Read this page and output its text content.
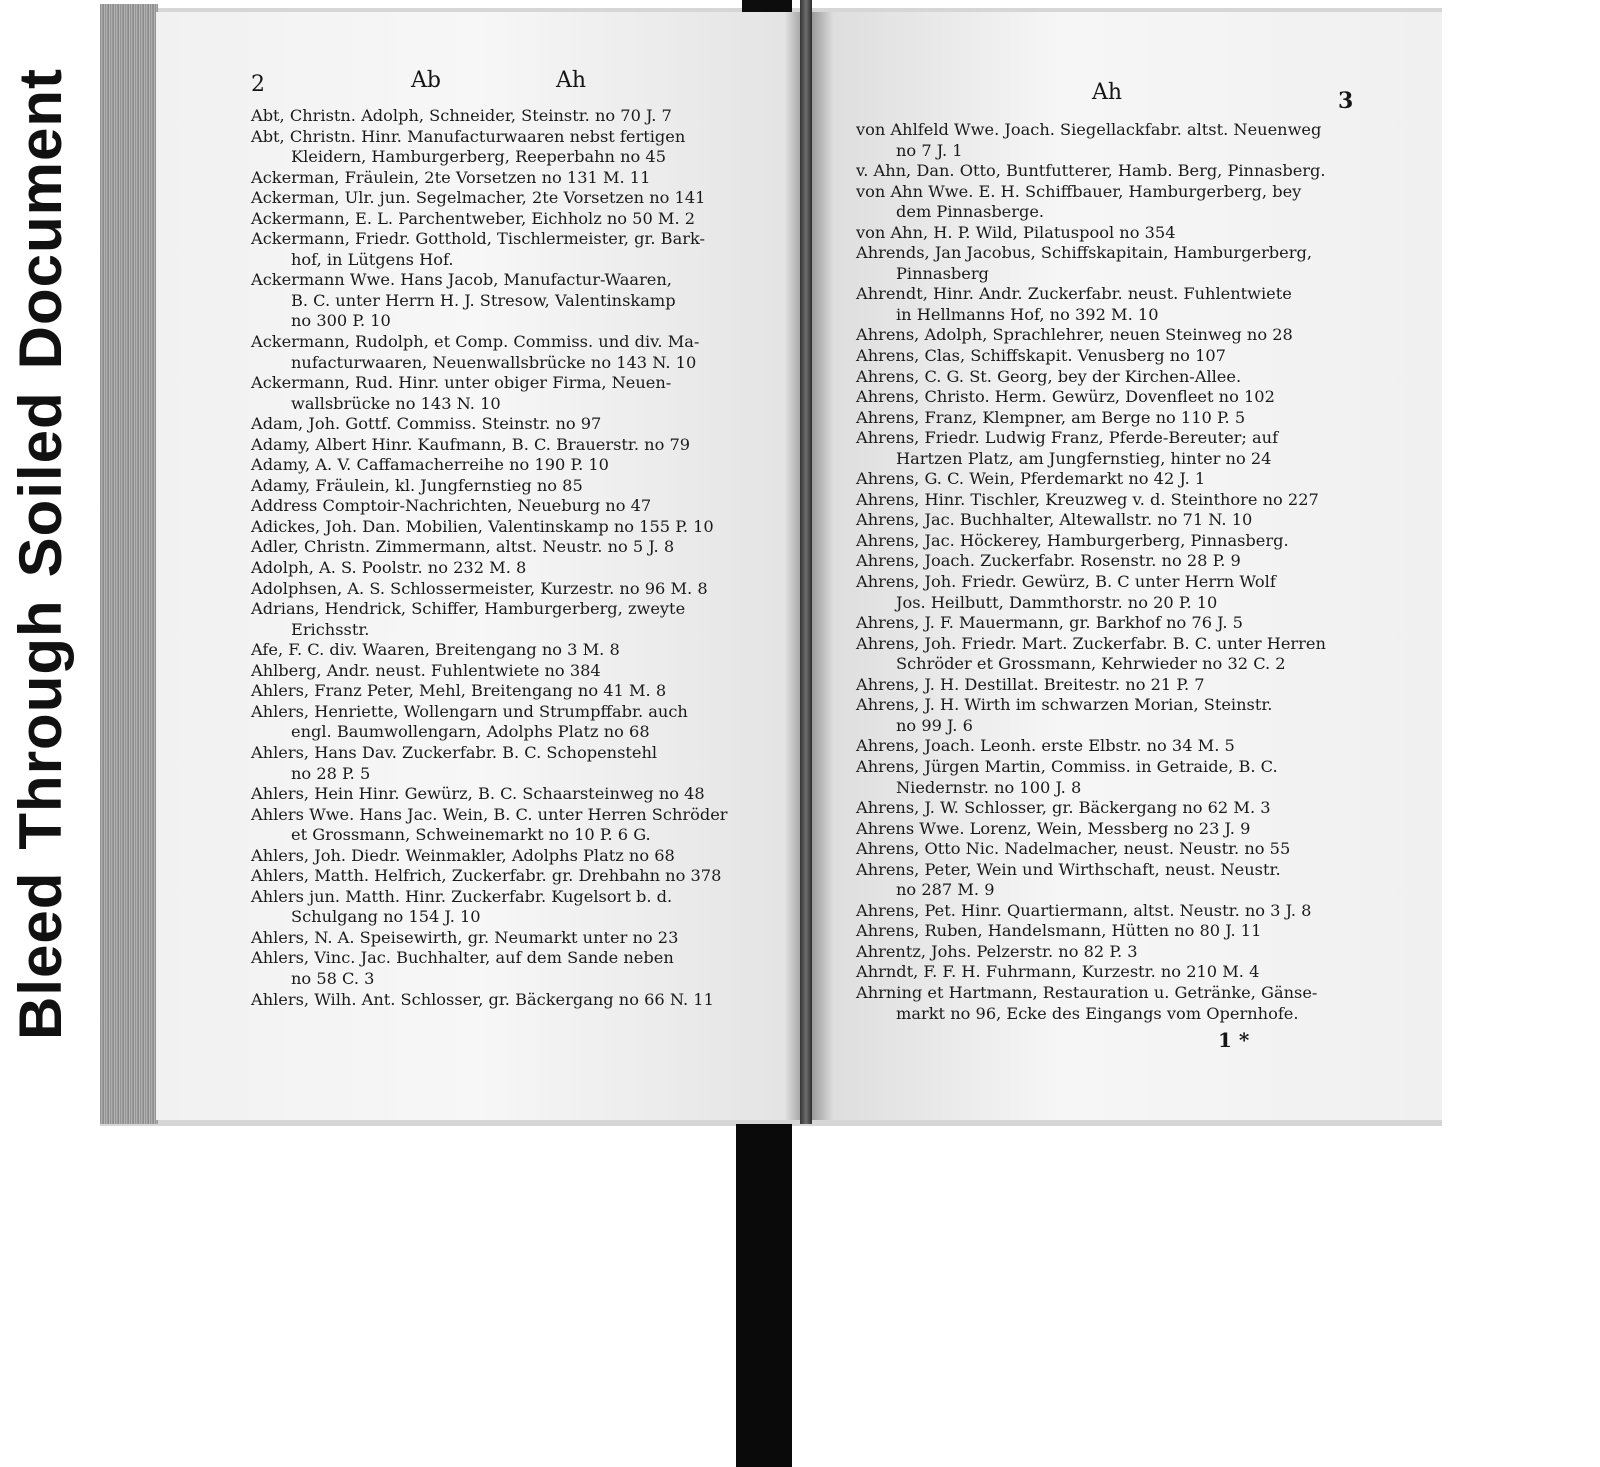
BleedThroughSoiledDocument	2	Ab	Ah
Abt, Christn. Adolph, Schneider, Steinstr. no 70 J. 7
Abt, Christn. Hinr. Manufacturwaaren nebst fertigen
Kleidern, Hamburgerberg, Reeperbahn no 45
Ackerman, Fräulein, 2te Vorsetzen no 131 M. 11
Ackerman, Ulr. jun. Segelmacher, 2te Vorsetzen no 141
Ackermann, E. L. Parchentweber, Eichholz no 50 M. 2
Ackermann, Friedr. Gotthold, Tischlermeister, gr. Bark-
hof, in Lütgens Hof.
Ackermann Wwe. Hans Jacob, Manufactur-Waaren,
B. C. unter Herrn H. J. Stresow, Valentinskamp
no 300 P. 10
Ackermann, Rudolph, et Comp. Commiss. und div. Ma-
nufacturwaaren, Neuenwallsbrücke no 143 N. 10
Ackermann, Rud. Hinr. unter obiger Firma, Neuen-
wallsbrücke no 143 N. 10
Adam, Joh. Gottf. Commiss. Steinstr. no 97
Adamy, Albert Hinr. Kaufmann, B. C. Brauerstr. no 79
Adamy, A. V. Caffamacherreihe no 190 P. 10
Adamy, Fräulein, kl. Jungfernstieg no 85
Address Comptoir-Nachrichten, Neueburg no 47
Adickes, Joh. Dan. Mobilien, Valentinskamp no 155 P. 10
Adler, Christn. Zimmermann, altst. Neustr. no 5 J. 8
Adolph, A. S. Poolstr. no 232 M. 8
Adolphsen, A. S. Schlossermeister, Kurzestr. no 96 M. 8
Adrians, Hendrick, Schiffer, Hamburgerberg, zweyte
Erichsstr.
Afe, F. C. div. Waaren, Breitengang no 3 M. 8
Ahlberg, Andr. neust. Fuhlentwiete no 384
Ahlers, Franz Peter, Mehl, Breitengang no 41 M. 8
Ahlers, Henriette, Wollengarn und Strumpffabr. auch
engl. Baumwollengarn, Adolphs Platz no 68
Ahlers, Hans Dav. Zuckerfabr. B. C. Schopenstehl
no 28 P. 5
Ahlers, Hein Hinr. Gewürz, B. C. Schaarsteinweg no 48
Ahlers Wwe. Hans Jac. Wein, B. C. unter Herren Schröder
et Grossmann, Schweinemarkt no 10 P. 6 G.
Ahlers, Joh. Diedr. Weinmakler, Adolphs Platz no 68
Ahlers, Matth. Helfrich, Zuckerfabr. gr. Drehbahn no 378
Ahlers jun. Matth. Hinr. Zuckerfabr. Kugelsort b. d.
Schulgang no 154 J. 10
Ahlers, N. A. Speisewirth, gr. Neumarkt unter no 23
Ahlers, Vinc. Jac. Buchhalter, auf dem Sande neben
no 58 C. 3
Ahlers, Wilh. Ant. Schlosser, gr. Bäckergang no 66 N. 11
Ah	3
von Ahlfeld Wwe. Joach. Siegellackfabr. altst. Neuenweg
no 7 J. 1
v. Ahn, Dan. Otto, Buntfutterer, Hamb. Berg, Pinnasberg.
von Ahn Wwe. E. H. Schiffbauer, Hamburgerberg, bey
dem Pinnasberge.
von Ahn, H. P. Wild, Pilatuspool no 354
Ahrends, Jan Jacobus, Schiffskapitain, Hamburgerberg,
Pinnasberg
Ahrendt, Hinr. Andr. Zuckerfabr. neust. Fuhlentwiete
in Hellmanns Hof, no 392 M. 10
Ahrens, Adolph, Sprachlehrer, neuen Steinweg no 28
Ahrens, Clas, Schiffskapit. Venusberg no 107
Ahrens, C. G. St. Georg, bey der Kirchen-Allee.
Ahrens, Christo. Herm. Gewürz, Dovenfleet no 102
Ahrens, Franz, Klempner, am Berge no 110 P. 5
Ahrens, Friedr. Ludwig Franz, Pferde-Bereuter; auf
Hartzen Platz, am Jungfernstieg, hinter no 24
Ahrens, G. C. Wein, Pferdemarkt no 42 J. 1
Ahrens, Hinr. Tischler, Kreuzweg v. d. Steinthore no 227
Ahrens, Jac. Buchhalter, Altewallstr. no 71 N. 10
Ahrens, Jac. Höckerey, Hamburgerberg, Pinnasberg.
Ahrens, Joach. Zuckerfabr. Rosenstr. no 28 P. 9
Ahrens, Joh. Friedr. Gewürz, B. C unter Herrn Wolf
Jos. Heilbutt, Dammthorstr. no 20 P. 10
Ahrens, J. F. Mauermann, gr. Barkhof no 76 J. 5
Ahrens, Joh. Friedr. Mart. Zuckerfabr. B. C. unter Herren
Schröder et Grossmann, Kehrwieder no 32 C. 2
Ahrens, J. H. Destillat. Breitestr. no 21 P. 7
Ahrens, J. H. Wirth im schwarzen Morian, Steinstr.
no 99 J. 6
Ahrens, Joach. Leonh. erste Elbstr. no 34 M. 5
Ahrens, Jürgen Martin, Commiss. in Getraide, B. C.
Niedernstr. no 100 J. 8
Ahrens, J. W. Schlosser, gr. Bäckergang no 62 M. 3
Ahrens Wwe. Lorenz, Wein, Messberg no 23 J. 9
Ahrens, Otto Nic. Nadelmacher, neust. Neustr. no 55
Ahrens, Peter, Wein und Wirthschaft, neust. Neustr.
no 287 M. 9
Ahrens, Pet. Hinr. Quartiermann, altst. Neustr. no 3 J. 8
Ahrens, Ruben, Handelsmann, Hütten no 80 J. 11
Ahrentz, Johs. Pelzerstr. no 82 P. 3
Ahrndt, F. F. H. Fuhrmann, Kurzestr. no 210 M. 4
Ahrning et Hartmann, Restauration u. Getränke, Gänse-
markt no 96, Ecke des Eingangs vom Opernhofe.
1 *
